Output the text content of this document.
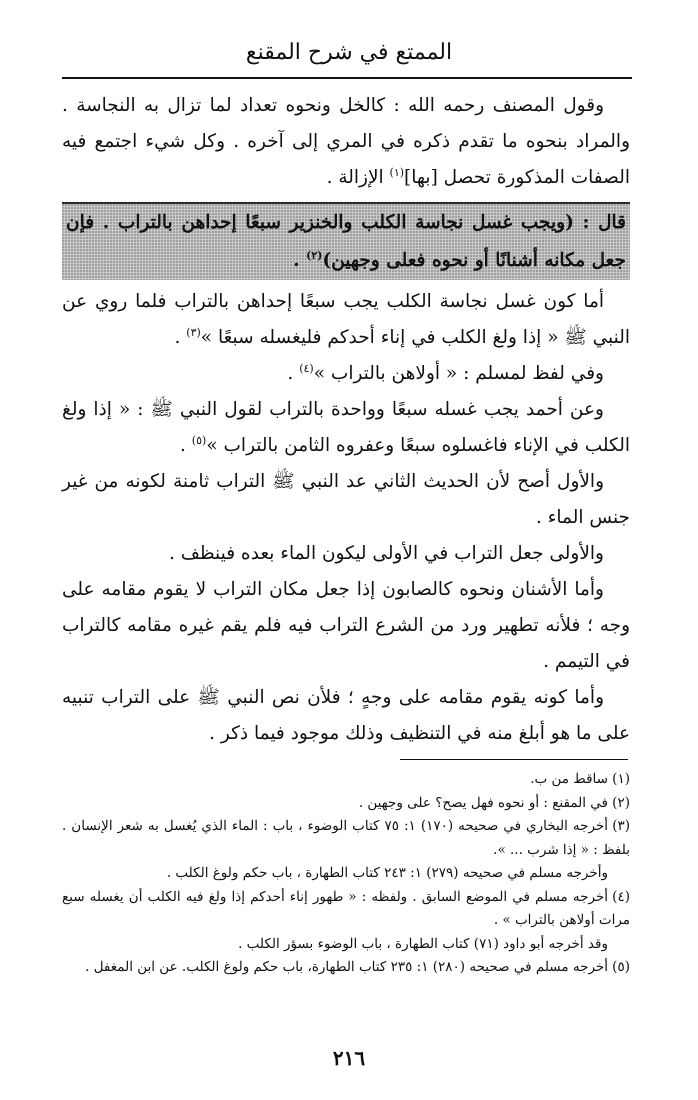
الممتع في شرح المقنع

وقول المصنف رحمه الله : كالخل ونحوه تعداد لما تزال به النجاسة . والمراد بنحوه ما تقدم ذكره في المري إلى آخره . وكل شيء اجتمع فيه الصفات المذكورة تحصل [بها]$^{(١)}$ الإزالة .

قال : (ويجب غسل نجاسة الكلب والخنزير سبعًا إحداهن بالتراب . فإن جعل مكانه أشنانًا أو نحوه فعلى وجهين)$^{(٢)}$ .

أما كون غسل نجاسة الكلب يجب سبعًا إحداهن بالتراب فلما روي عن النبي ﷺ « إذا ولغ الكلب في إناء أحدكم فليغسله سبعًا »$^{(٣)}$ .

وفي لفظ لمسلم : « أولاهن بالتراب »$^{(٤)}$ .

وعن أحمد يجب غسله سبعًا وواحدة بالتراب لقول النبي ﷺ : « إذا ولغ الكلب في الإناء فاغسلوه سبعًا وعفروه الثامن بالتراب »$^{(٥)}$ .

والأول أصح لأن الحديث الثاني عد النبي ﷺ التراب ثامنة لكونه من غير جنس الماء .

والأولى جعل التراب في الأولى ليكون الماء بعده فينظف .

وأما الأشنان ونحوه كالصابون إذا جعل مكان التراب لا يقوم مقامه على وجه ؛ فلأنه تطهير ورد من الشرع التراب فيه فلم يقم غيره مقامه كالتراب في التيمم .

وأما كونه يقوم مقامه على وجهٍ ؛ فلأن نص النبي ﷺ على التراب تنبيه على ما هو أبلغ منه في التنظيف وذلك موجود فيما ذكر .

(١)ساقط من ب.

(٢)في المقنع : أو نحوه فهل يصح؟ على وجهين .

(٣)أخرجه البخاري في صحيحه (١٧٠) ١: ٧٥ كتاب الوضوء ، باب : الماء الذي يُغسل به شعر الإنسان . بلفظ : « إذا شرب ... ».

وأخرجه مسلم في صحيحه (٢٧٩) ١: ٢٤٣ كتاب الطهارة ، باب حكم ولوغ الكلب .

(٤)أخرجه مسلم في الموضع السابق . ولفظه : « طهور إناء أحدكم إذا ولغ فيه الكلب أن يغسله سبع مرات أولاهن بالتراب » .

وقد أخرجه أبو داود (٧١) كتاب الطهارة ، باب الوضوء بسؤر الكلب .

(٥)أخرجه مسلم في صحيحه (٢٨٠) ١: ٢٣٥ كتاب الطهارة، باب حكم ولوغ الكلب. عن ابن المغفل .

٢١٦
